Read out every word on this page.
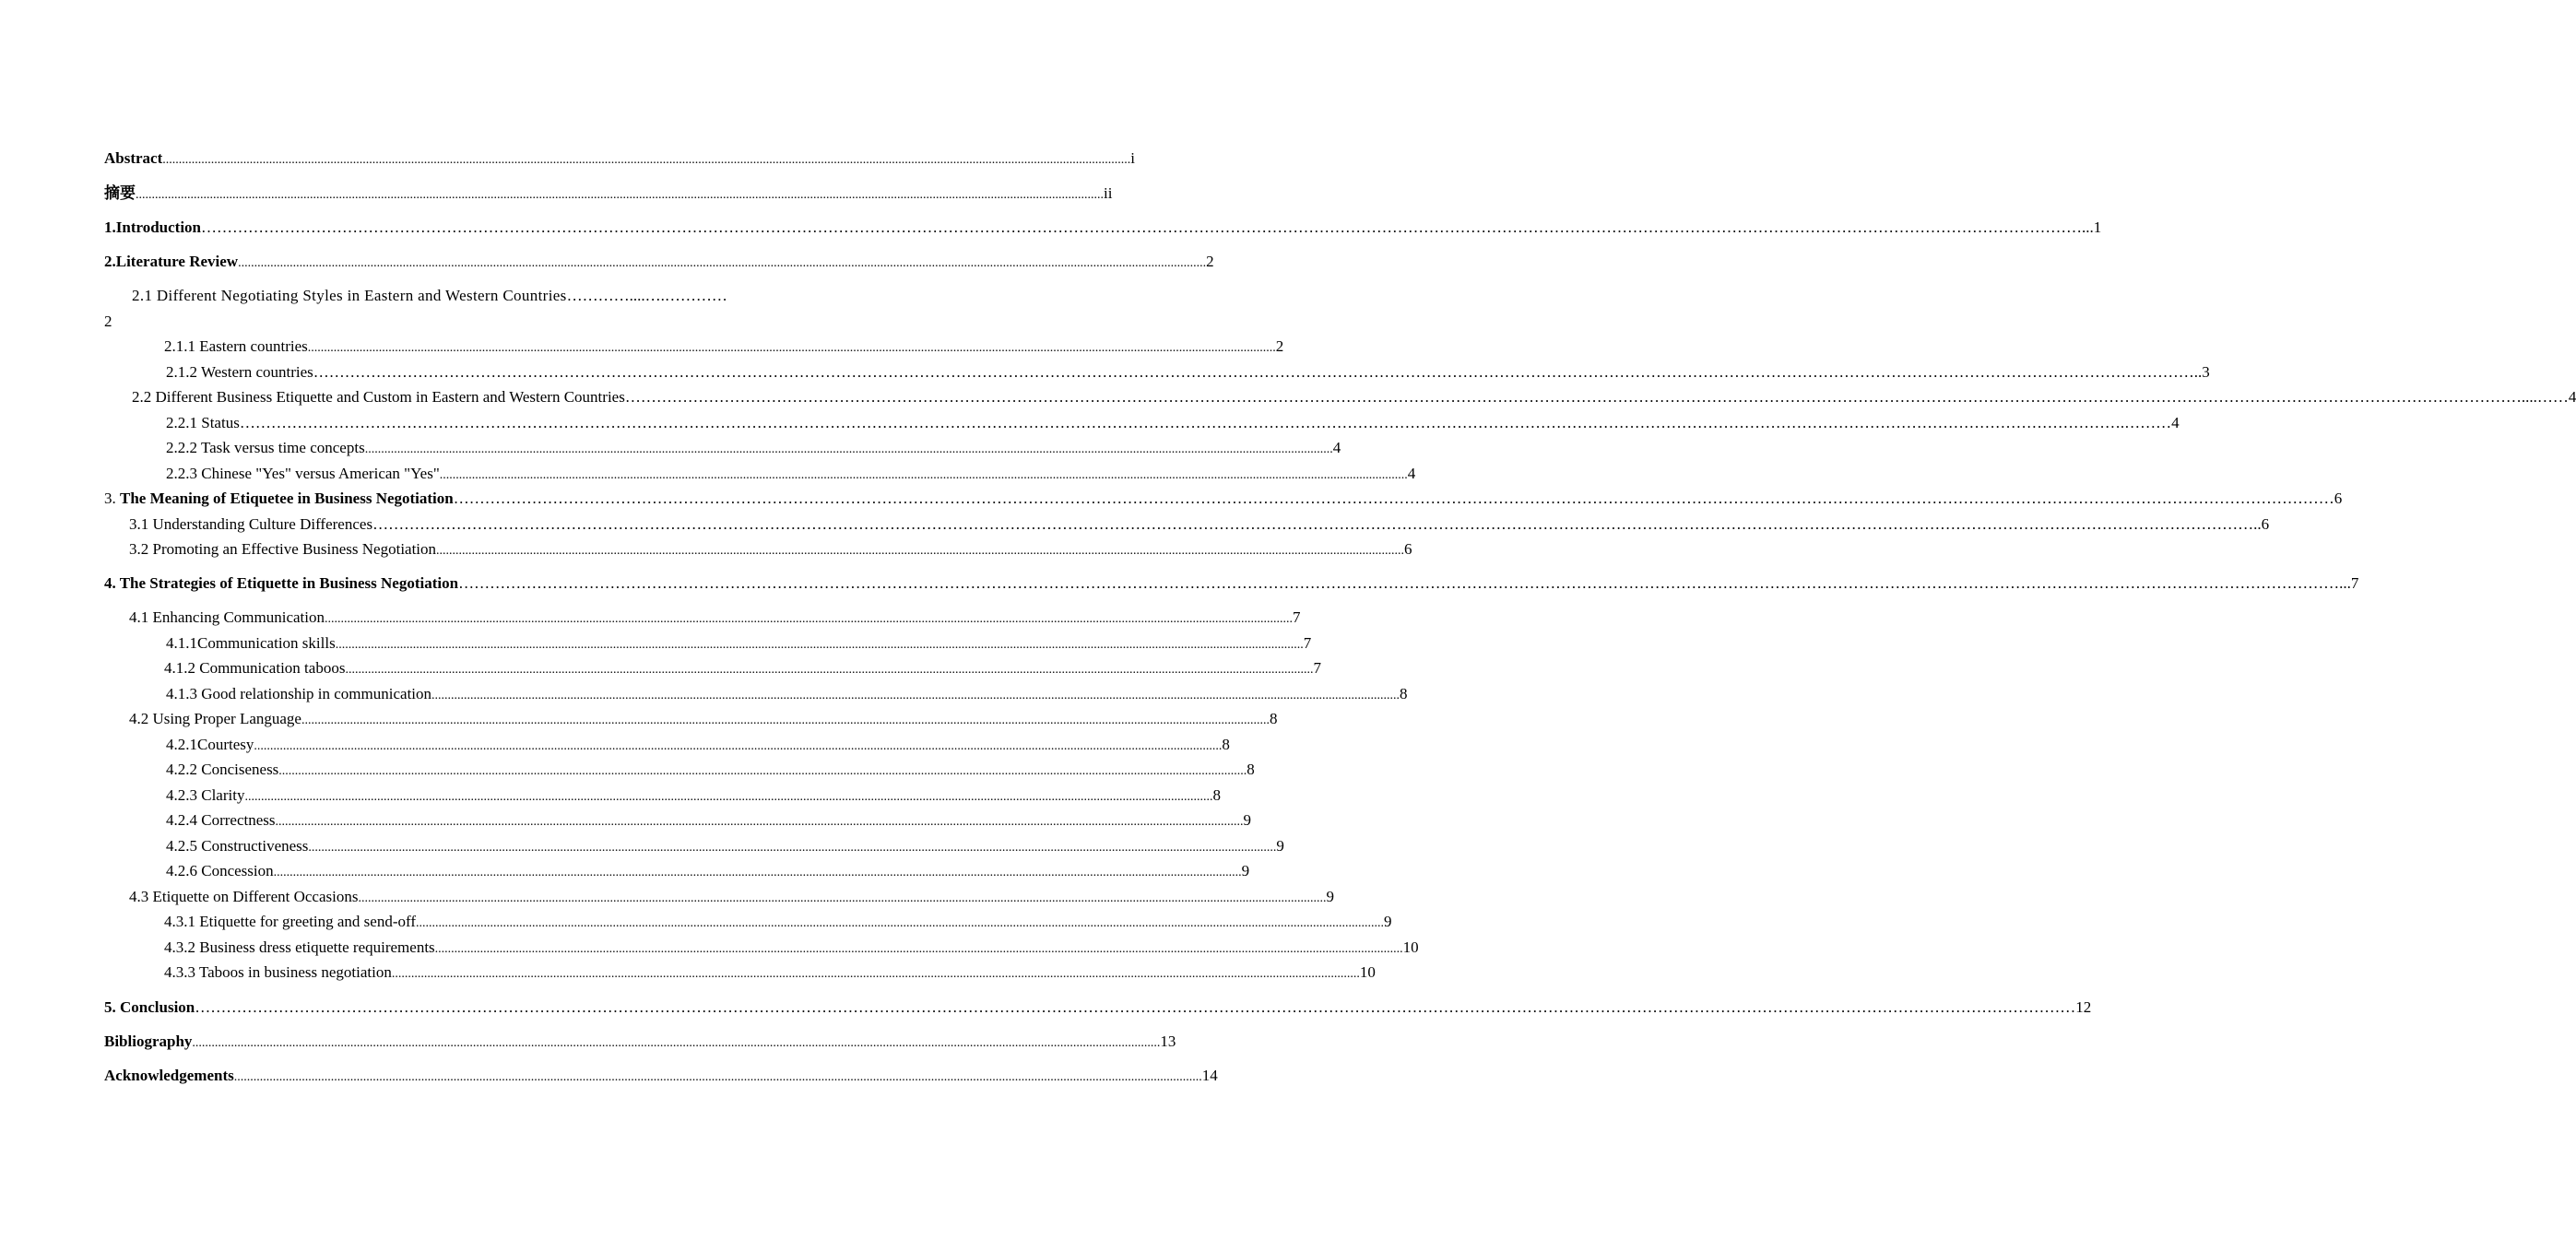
Abstract ............................................................................................................................................................................................................................................................................................................ i
摘要 ............................................................................................................................................................................................................................................................................................................ ii
1.Introduction ……………………………………………………………………………………………………………………………………………………………………………………………………………………………………………………………………………………………………………………………… ...1
2.Literature Review ............................................................................................................................................................................................................................................................................................................ 2
2.1 Different Negotiating Styles in Eastern and Western Countries…………....….…………
2
2.1.1 Eastern countries ............................................................................................................................................................................................................................................................................................................ 2
2.1.2 Western countries ……………………………………………………………………………………………………………………………………………………………………………………………………………………………………………………………………………………………………………………………… ..3
2.2 Different Business Etiquette and Custom in Eastern and Western Countries ……………………………………………………………………………………………………………………………………………………………………………………………………………………………………………………………………………………………………………………………… …....……4
2.2.1 Status ……………………………………………………………………………………………………………………………………………………………………………………………………………………………………………………………………………………………………………………………… .………4
2.2.2 Task versus time concepts ............................................................................................................................................................................................................................................................................................................ 4
2.2.3 Chinese "Yes" versus American "Yes" ............................................................................................................................................................................................................................................................................................................ 4
3. The Meaning of Etiquetee in Business Negotiation ……………………………………………………………………………………………………………………………………………………………………………………………………………………………………………………………………………………………………………………………… 6
3.1 Understanding Culture Differences ……………………………………………………………………………………………………………………………………………………………………………………………………………………………………………………………………………………………………………………………… ..6
3.2 Promoting an Effective Business Negotiation ............................................................................................................................................................................................................................................................................................................ 6
4. The Strategies of Etiquette in Business Negotiation ……………………………………………………………………………………………………………………………………………………………………………………………………………………………………………………………………………………………………………………………… ...7
4.1 Enhancing Communication ............................................................................................................................................................................................................................................................................................................ 7
4.1.1Communication skills ............................................................................................................................................................................................................................................................................................................ 7
4.1.2 Communication taboos ............................................................................................................................................................................................................................................................................................................ 7
4.1.3 Good relationship in communication ............................................................................................................................................................................................................................................................................................................ 8
4.2 Using Proper Language ............................................................................................................................................................................................................................................................................................................ 8
4.2.1Courtesy ............................................................................................................................................................................................................................................................................................................ 8
4.2.2 Conciseness ............................................................................................................................................................................................................................................................................................................ 8
4.2.3 Clarity ............................................................................................................................................................................................................................................................................................................ 8
4.2.4 Correctness ............................................................................................................................................................................................................................................................................................................ 9
4.2.5 Constructiveness ............................................................................................................................................................................................................................................................................................................ 9
4.2.6 Concession ............................................................................................................................................................................................................................................................................................................ 9
4.3 Etiquette on Different Occasions ............................................................................................................................................................................................................................................................................................................ 9
4.3.1 Etiquette for greeting and send-off ............................................................................................................................................................................................................................................................................................................ 9
4.3.2 Business dress etiquette requirements ............................................................................................................................................................................................................................................................................................................ 10
4.3.3 Taboos in business negotiation ............................................................................................................................................................................................................................................................................................................ 10
5. Conclusion ……………………………………………………………………………………………………………………………………………………………………………………………………………………………………………………………………………………………………………………………… 12
Bibliography ............................................................................................................................................................................................................................................................................................................ 13
Acknowledgements ............................................................................................................................................................................................................................................................................................................ 14
